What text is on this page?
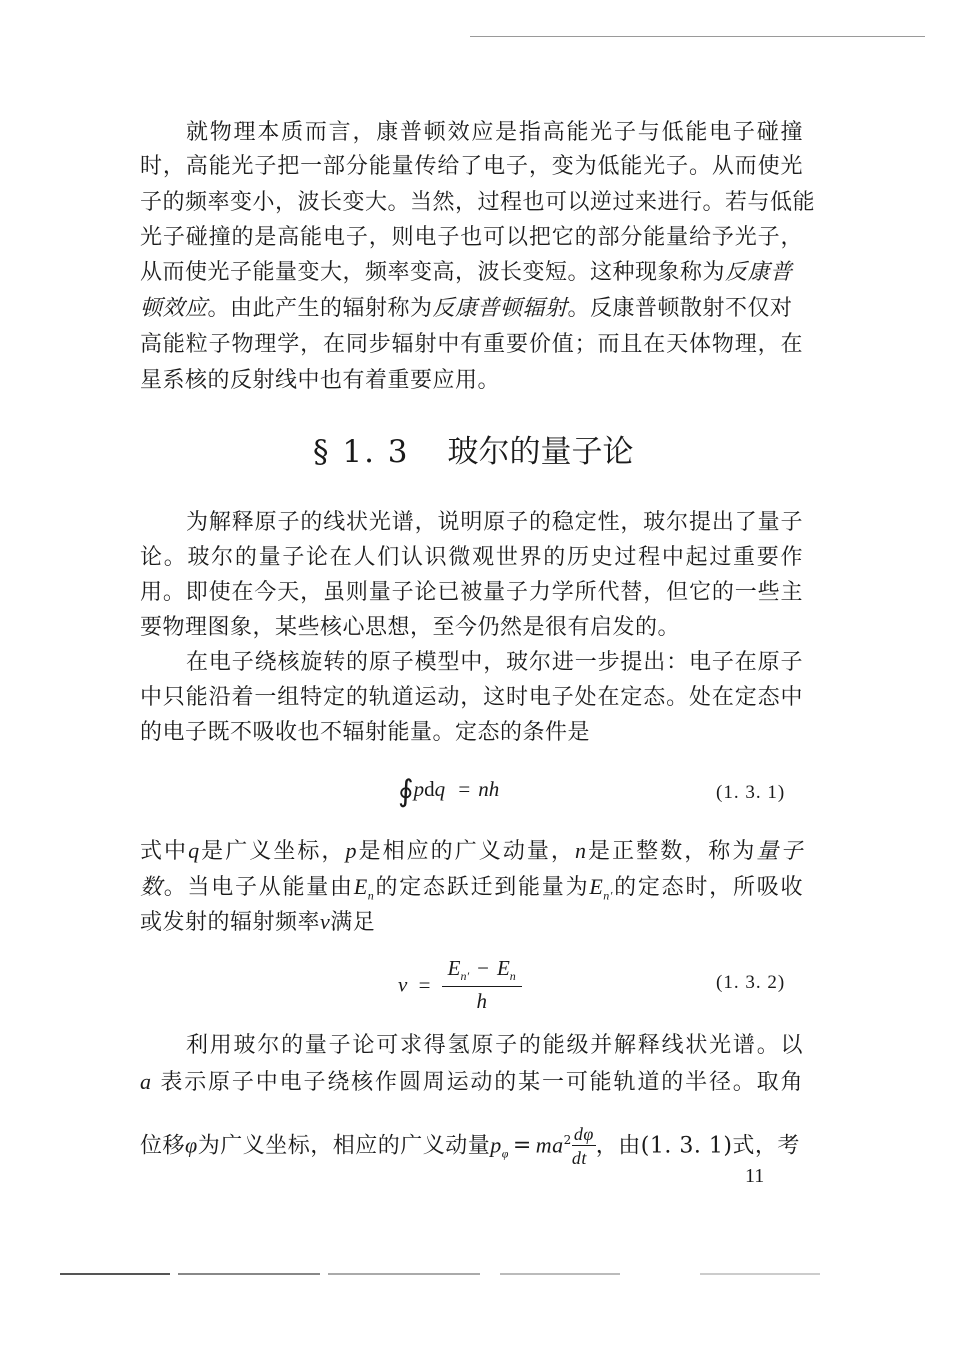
就物理本质而言，康普顿效应是指高能光子与低能电子碰撞
时，高能光子把一部分能量传给了电子，变为低能光子。从而使光
子的频率变小，波长变大。当然，过程也可以逆过来进行。若与低能
光子碰撞的是高能电子，则电子也可以把它的部分能量给予光子，
从而使光子能量变大，频率变高，波长变短。这种现象称为反康普
顿效应。由此产生的辐射称为反康普顿辐射。反康普顿散射不仅对
高能粒子物理学，在同步辐射中有重要价值；而且在天体物理，在
星系核的反射线中也有着重要应用。
§ 1. 3 玻尔的量子论
为解释原子的线状光谱，说明原子的稳定性，玻尔提出了量子
论。玻尔的量子论在人们认识微观世界的历史过程中起过重要作
用。即使在今天，虽则量子论已被量子力学所代替，但它的一些主
要物理图象，某些核心思想，至今仍然是很有启发的。
在电子绕核旋转的原子模型中，玻尔进一步提出：电子在原子
中只能沿着一组特定的轨道运动，这时电子处在定态。处在定态中
的电子既不吸收也不辐射能量。定态的条件是
∮pdq = nh	(1. 3. 1)
式中q是广义坐标，p是相应的广义动量，n是正整数，称为量子
数。当电子从能量由$E_n$的定态跃迁到能量为$E_{n'}$的定态时，所吸收
或发射的辐射频率ν满足
$\nu = \frac{E_{n'} - E_n}{h}$	(1. 3. 2)
利用玻尔的量子论可求得氢原子的能级并解释线状光谱。以
a 表示原子中电子绕核作圆周运动的某一可能轨道的半径。取角
位移φ为广义坐标，相应的广义动量$p_\varphi = ma^2 \frac{d\varphi}{dt}$ ，由(1. 3. 1)式，考
11
